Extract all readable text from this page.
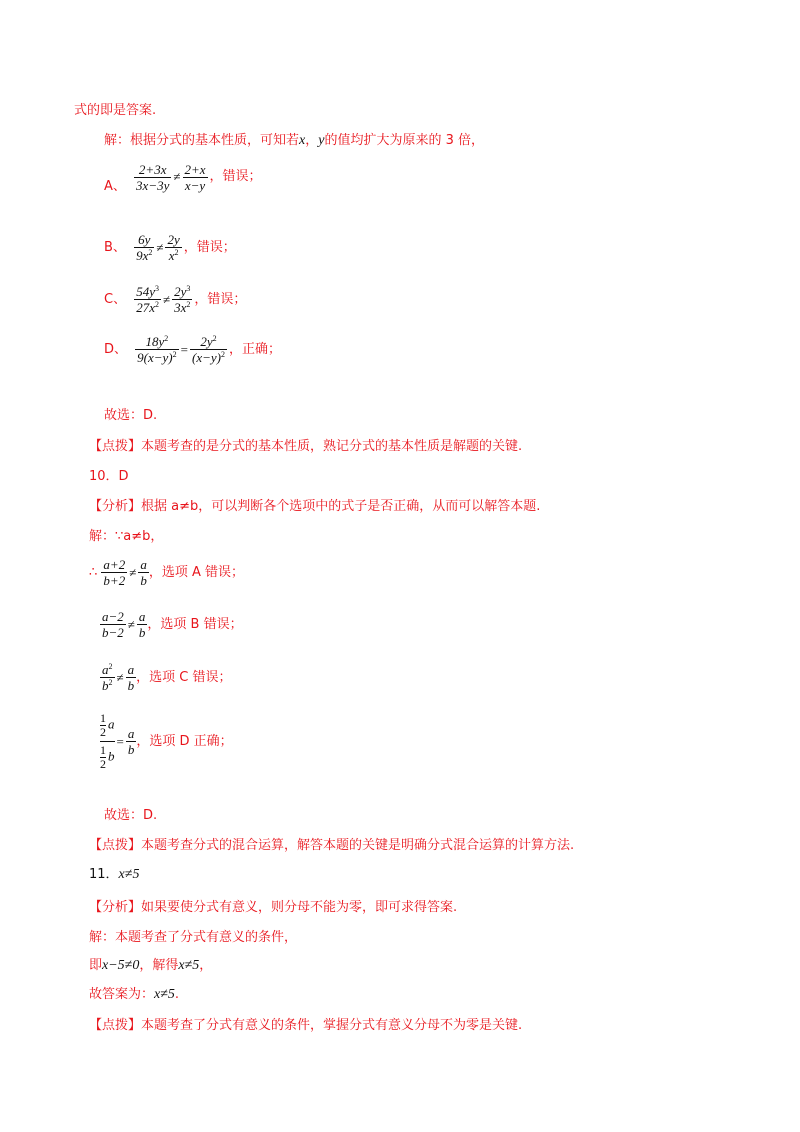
式的即是答案.
解：根据分式的基本性质，可知若x，y的值均扩大为原来的 3 倍，
A、 $\frac{2+3x}{3x-3y} \ne \frac{2+x}{x-y}$ ，错误；
B、 $\frac{6y}{9x^2} \ne \frac{2y}{x^2}$ ，错误；
C、 $\frac{54y^3}{27x^2} \ne \frac{2y^3}{3x^2}$ ，错误；
D、 $\frac{18y^2}{9(x-y)^2} = \frac{2y^2}{(x-y)^2}$ ，正确；
故选：D.
【点拨】本题考查的是分式的基本性质，熟记分式的基本性质是解题的关键.
10．D
【分析】根据 a≠b，可以判断各个选项中的式子是否正确，从而可以解答本题.
解：∵a≠b，
∴ $\frac{a+2}{b+2} \ne \frac{a}{b}$ ，选项 A 错误；
$\frac{a-2}{b-2} \ne \frac{a}{b}$ ，选项 B 错误；
$\frac{a^2}{b^2} \ne \frac{a}{b}$ ，选项 C 错误；
$\frac{\frac{1}{2} a}{\frac{1}{2} b} = \frac{a}{b}$ ，选项 D 正确；
故选：D.
【点拨】本题考查分式的混合运算，解答本题的关键是明确分式混合运算的计算方法.
11．x≠5
【分析】如果要使分式有意义，则分母不能为零，即可求得答案.
解：本题考查了分式有意义的条件，
即x−5≠0，解得x≠5，
故答案为：x≠5.
【点拨】本题考查了分式有意义的条件，掌握分式有意义分母不为零是关键.
